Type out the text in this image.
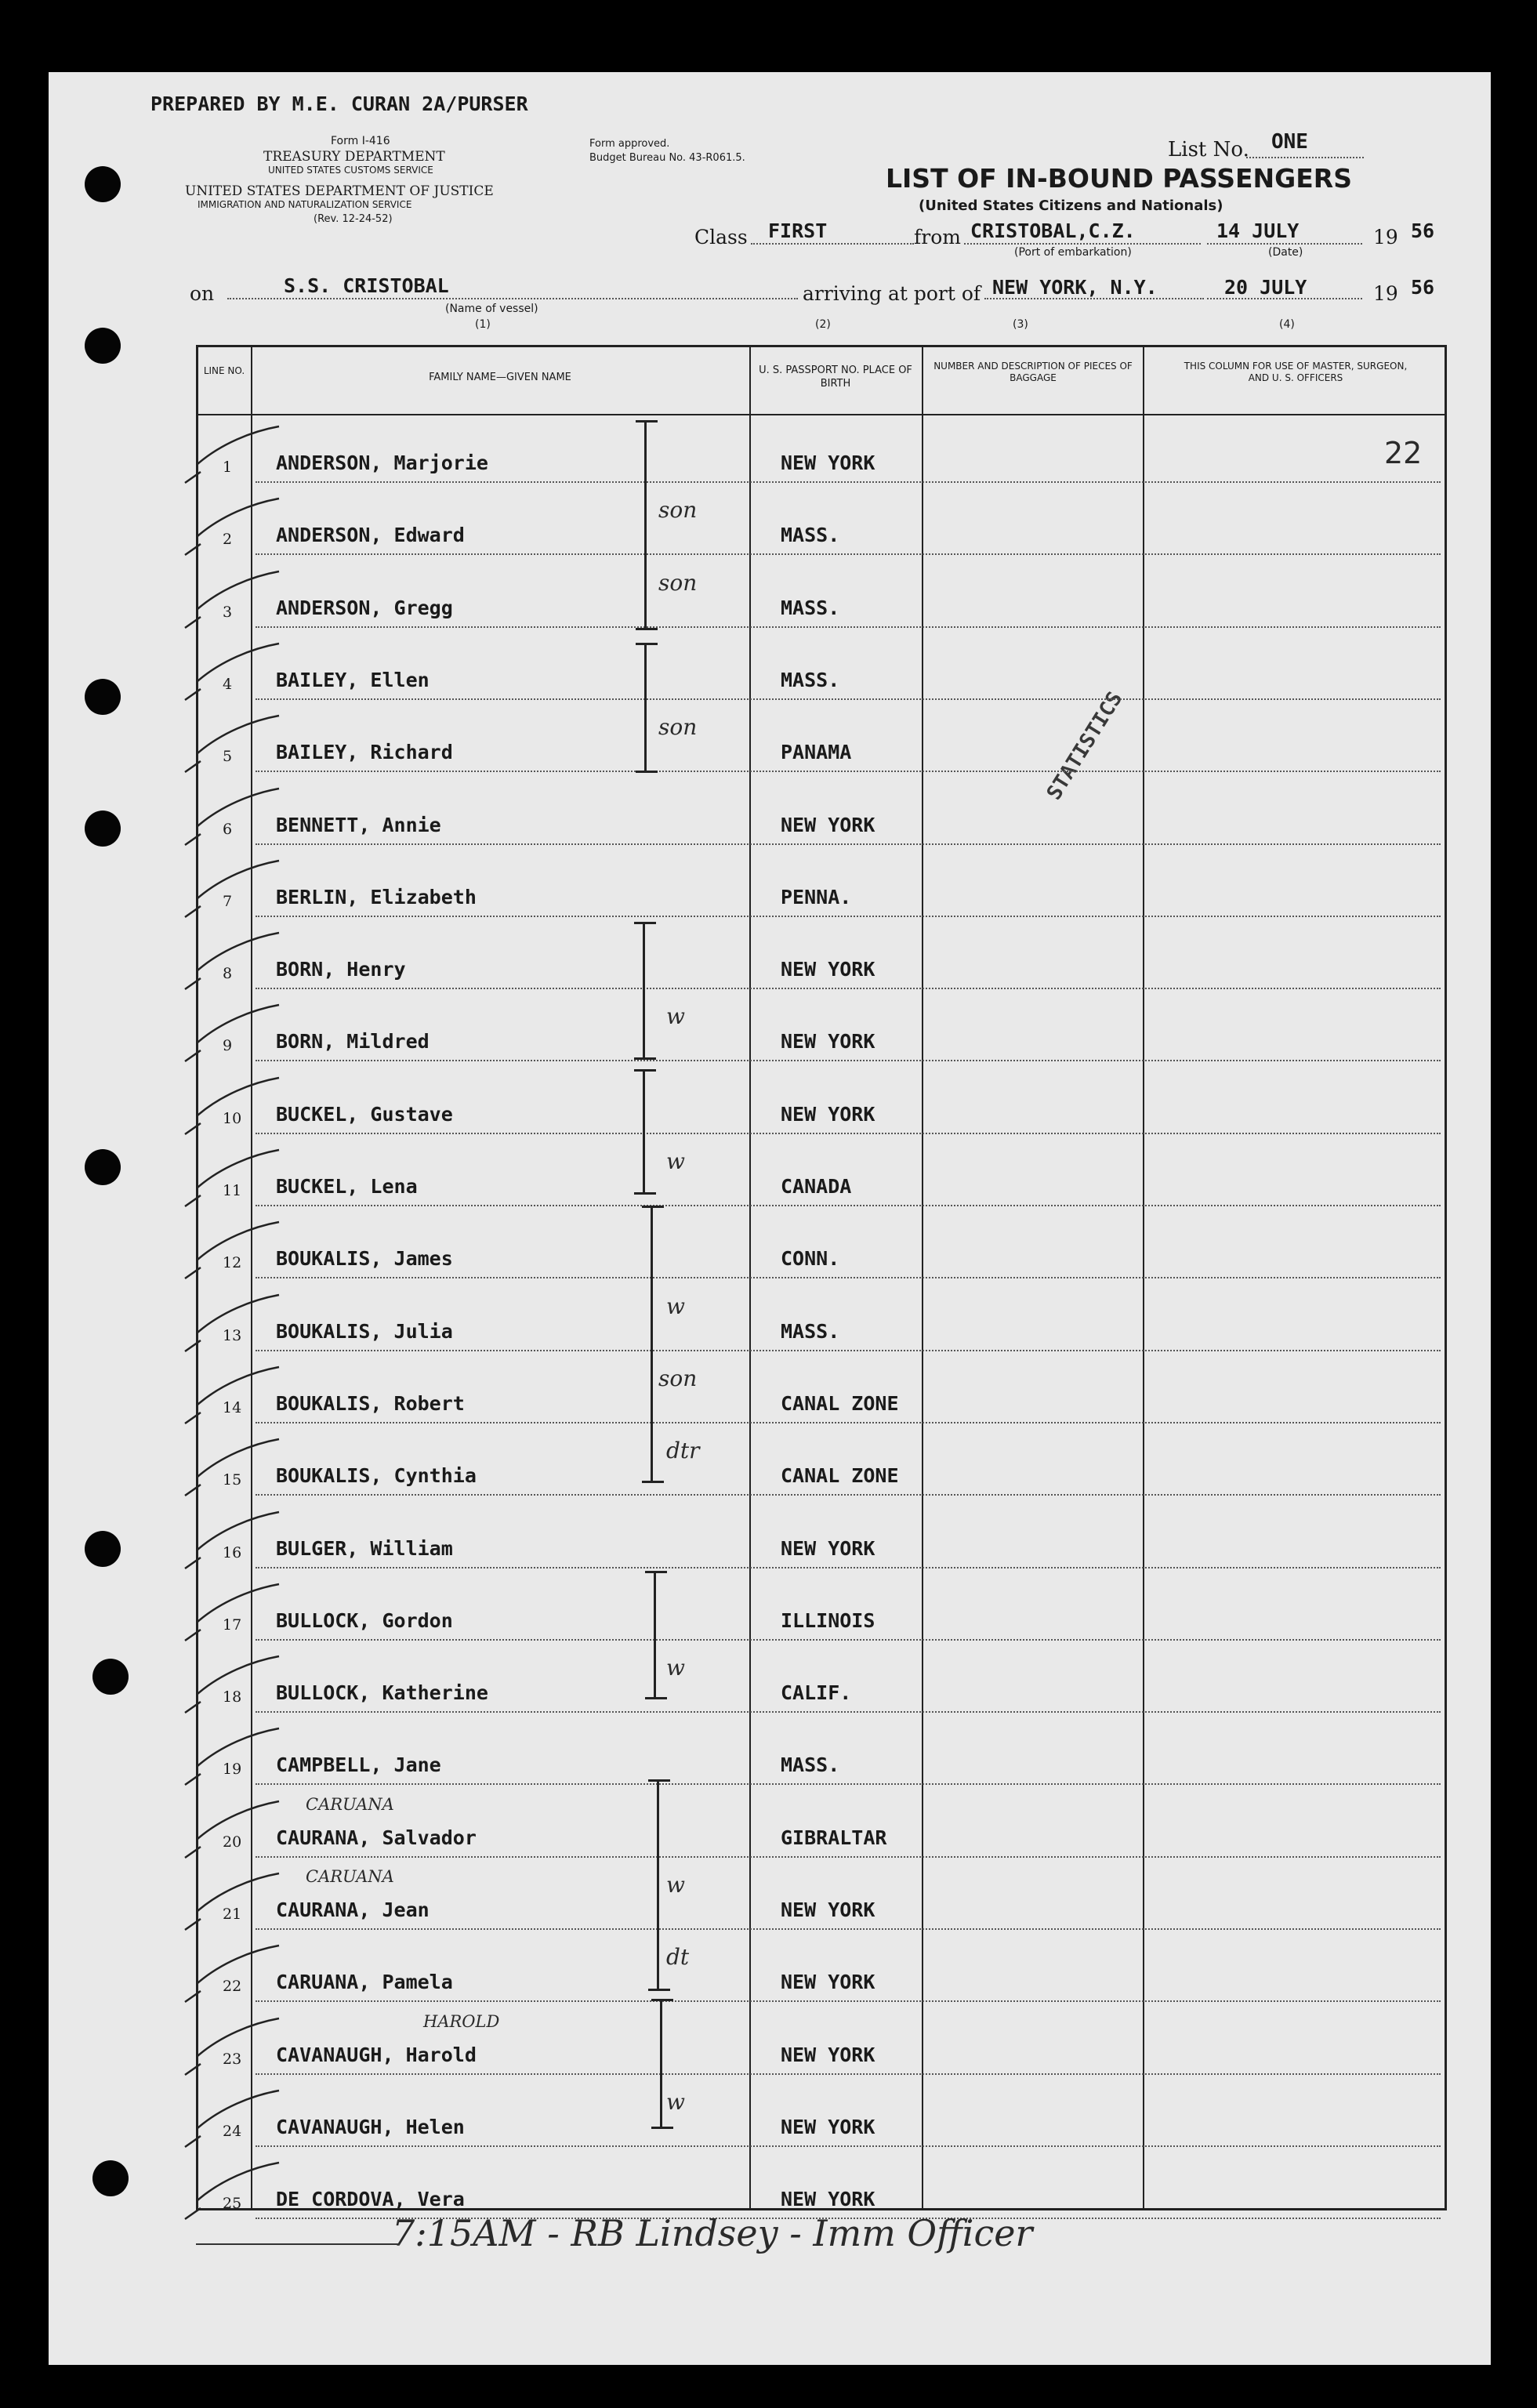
PREPARED BY M.E. CURAN 2A/PURSER
Form I-416
TREASURY DEPARTMENT
UNITED STATES CUSTOMS SERVICE
UNITED STATES DEPARTMENT OF JUSTICE
IMMIGRATION AND NATURALIZATION SERVICE
(Rev. 12-24-52)
Form approved.
Budget Bureau No. 43-R061.5.	List No. ONE
LIST OF IN-BOUND PASSENGERS
(United States Citizens and Nationals)
Class FIRST	from CRISTOBAL,C.Z.
(Port of embarkation)
14 JULY
(Date)
19 56
on	S.S. CRISTOBAL
(Name of vessel)
arriving at port of NEW YORK, N.Y.	20 JULY	19 56
(1)	(2)	(3)	(4)
LINE NO.
FAMILY NAME—GIVEN NAME
U. S. PASSPORT NO. PLACE OF BIRTH
NUMBER AND DESCRIPTION OF PIECES OF BAGGAGE
THIS COLUMN FOR USE OF MASTER, SURGEON, AND U. S. OFFICERS
22
STATISTICS
1 ANDERSON, Marjorie	NEW YORK
2 ANDERSON, Edward	MASS.
son
3 ANDERSON, Gregg	MASS.
son
4 BAILEY, Ellen	MASS.
5 BAILEY, Richard	PANAMA
son
6 BENNETT, Annie	NEW YORK
7 BERLIN, Elizabeth	PENNA.
8 BORN, Henry	NEW YORK
9 BORN, Mildred	NEW YORK
w
10 BUCKEL, Gustave	NEW YORK
11 BUCKEL, Lena	CANADA
w
12 BOUKALIS, James	CONN.
13 BOUKALIS, Julia	MASS.
w
14 BOUKALIS, Robert	CANAL ZONE
son
15 BOUKALIS, Cynthia	CANAL ZONE
dtr
16 BULGER, William	NEW YORK
17 BULLOCK, Gordon	ILLINOIS
18 BULLOCK, Katherine	CALIF.
w
19 CAMPBELL, Jane	MASS.
20 CAURANA, Salvador	GIBRALTAR
CARUANA
21 CAURANA, Jean	NEW YORK
w
CARUANA
22 CARUANA, Pamela	NEW YORK
dt
23 CAVANAUGH, Harold	NEW YORK
HAROLD
24 CAVANAUGH, Helen	NEW YORK
w
25 DE CORDOVA, Vera	NEW YORK
7:15AM - RB Lindsey - Imm Officer
